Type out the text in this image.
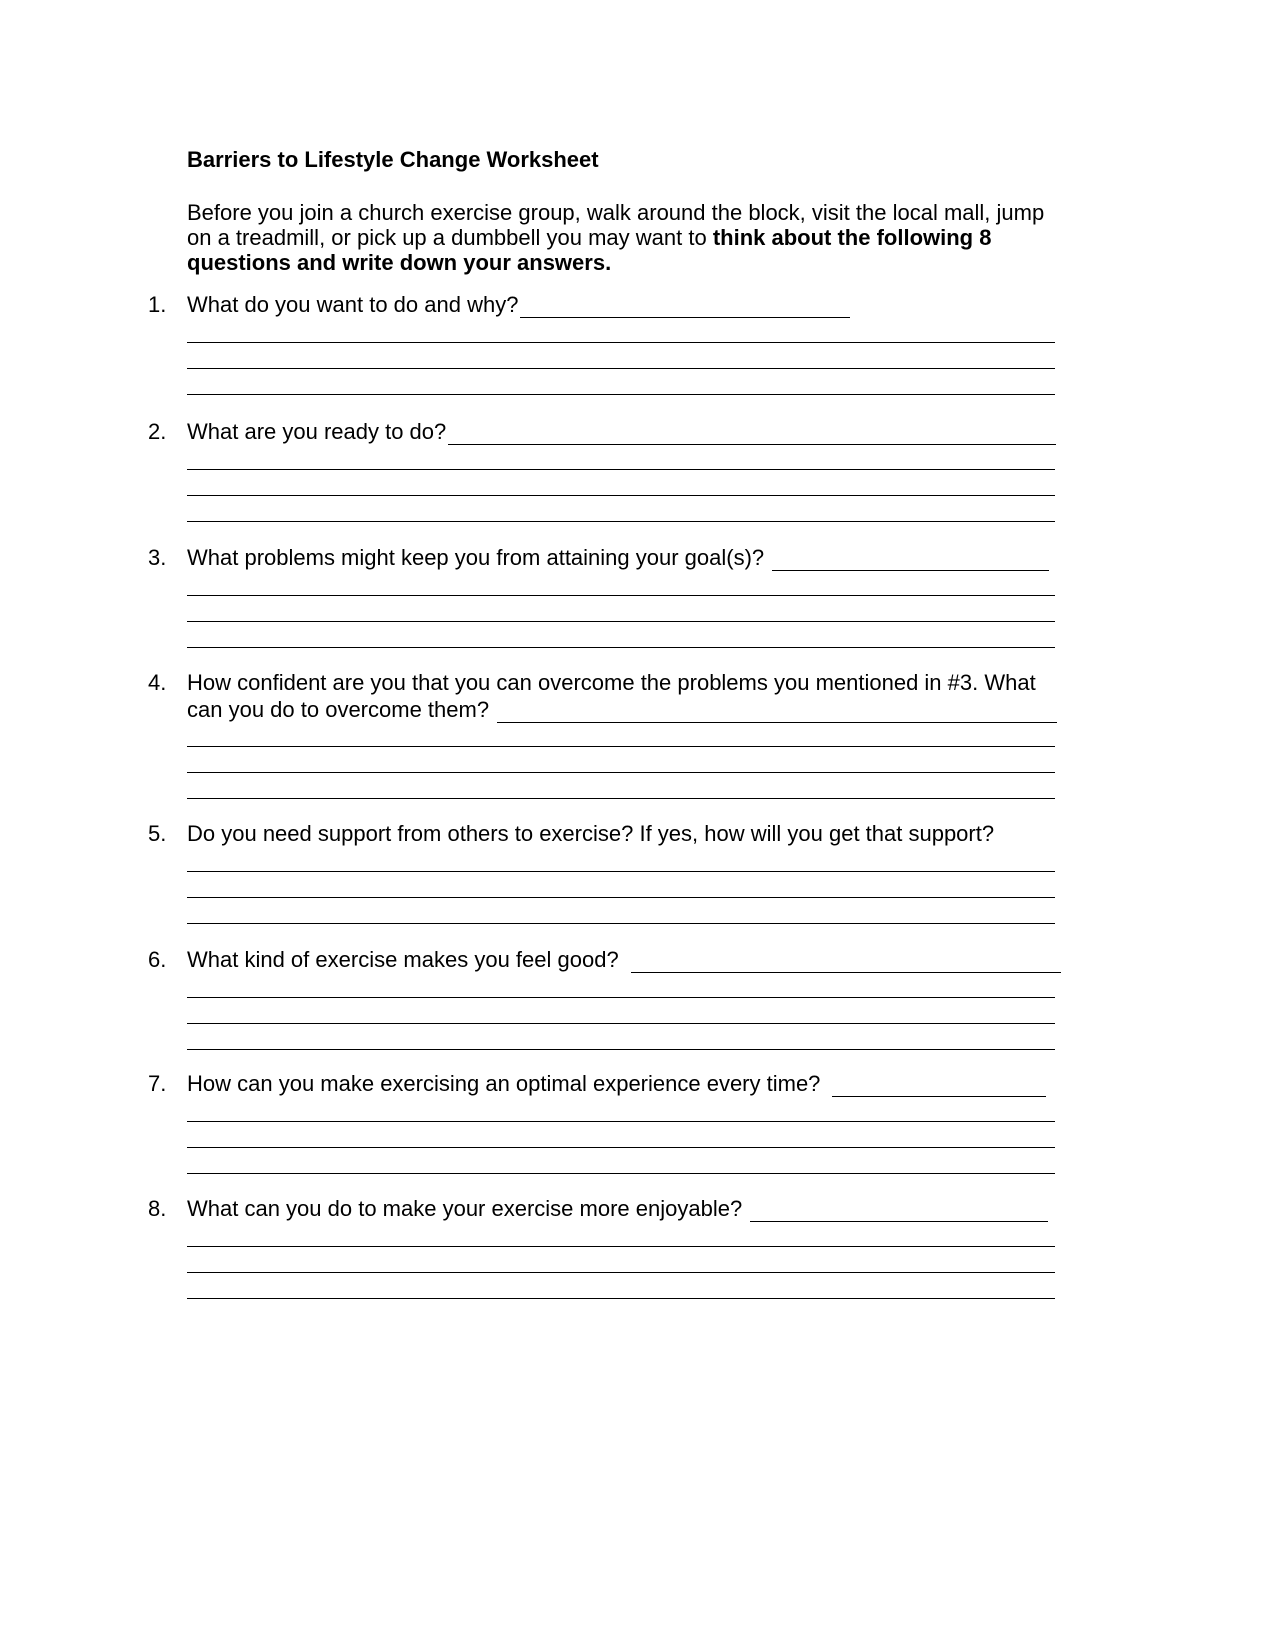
Barriers to Lifestyle Change Worksheet
Before you join a church exercise group, walk around the block, visit the local mall, jump
on a treadmill, or pick up a dumbbell you may want to think about the following 8
questions and write down your answers.
1. What do you want to do and why?
2. What are you ready to do?
3. What problems might keep you from attaining your goal(s)?
4. How confident are you that you can overcome the problems you mentioned in #3. What
can you do to overcome them?
5. Do you need support from others to exercise? If yes, how will you get that support?
6. What kind of exercise makes you feel good?
7. How can you make exercising an optimal experience every time?
8. What can you do to make your exercise more enjoyable?
